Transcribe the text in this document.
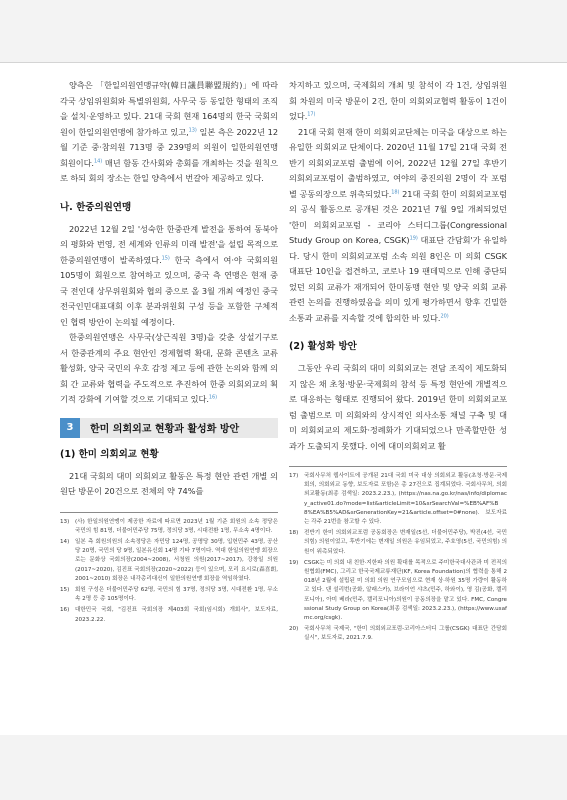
양측은 「한일의원연맹규약(韓日議員聯盟規約)」에 따라 각국 상임위원회와 특별위원회, 사무국 등 동일한 형태의 조직을 설치·운영하고 있다. 21대 국회 현재 164명의 한국 국회의원이 한일의원연맹에 참가하고 있고,$^{13)}$ 일본 측은 2022년 12월 기준 중·참의원 713명 중 239명의 의원이 일한의원연맹 회원이다.$^{14)}$ 매년 함동 간사회와 총회를 개최하는 것을 원칙으로 하되 회의 장소는 한일 양측에서 번갈아 제공하고 있다.

나. 한중의원연맹

2022년 12월 2일 '성숙한 한중관계 발전을 통하여 동북아의 평화와 번영, 전 세계와 인류의 미래 발전'을 설립 목적으로 한중의원연맹이 발족하였다.$^{15)}$ 한국 측에서 여·야 국회의원 105명이 회원으로 참여하고 있으며, 중국 측 연맹은 현재 중국 전인대 상무위원회와 협의 중으로 올 3월 개최 예정인 중국 전국인민대표대회 이후 분과위원회 구성 등을 포함한 구체적인 협력 방안이 논의될 예정이다.

한중의원연맹은 사무국(상근직원 3명)을 갖춘 상설기구로서 한중관계의 주요 현안인 경제협력 확대, 문화 콘텐츠 교류 활성화, 양국 국민의 우호 감정 제고 등에 관한 논의와 함께 의회 간 교류와 협력을 주도적으로 추진하여 한중 의회외교의 획기적 강화에 기여할 것으로 기대되고 있다.$^{16)}$

3	한미 의회외교 현황과 활성화 방안
(1) 한미 의회외교 현황

21대 국회의 대미 의회외교 활동은 특정 현안 관련 개별 의원단 방문이 20건으로 전체의 약 74%를

13)	(사) 한일의원연맹이 제공한 자료에 따르면 2023년 1월 기준 회원의 소속 정당은 국민의 힘 81명, 더불어민주당 75명, 정의당 3명, 시대전환 1명, 무소속 4명이다.
14)	일본 측 회원의원의 소속정당은 자민당 124명, 공명당 30명, 입헌민주 43명, 공산당 20명, 국민의 당 9명, 일본유신회 14명 기타 7명이다. 역대 한일의원연맹 회장으로는 문화상 국회의장(2004~2008), 서청원 의원(2017~2017), 강창일 의원(2017~2020), 김진표 국회의장(2020~2022) 등이 있으며, 모리 요시로(森喜朗, 2001~2010) 회장은 내각총리대신이 일한의원연맹 회장을 역임하였다.
15)	회원 구성은 더불어민주당 62명, 국민의 힘 37명, 정의당 3명, 시대전환 1명, 무소속 2명 등 총 105명이다.
16)	대한민국 국회, "김진표 국회의장 제403회 국회(임시회) 개회사", 보도자료, 2023.2.22.

차지하고 있으며, 국제회의 개최 및 참석이 각 1건, 상임위원회 차원의 미국 방문이 2건, 한미 의회외교협력 활동이 1건이었다.$^{17)}$

21대 국회 현재 한미 의회외교단체는 미국을 대상으로 하는 유일한 의회외교 단체이다. 2020년 11월 17일 21대 국회 전반기 의회외교포럼 출범에 이어, 2022년 12월 27일 후반기 의회외교포럼이 출범하였고, 여야의 중진의원 2명이 각 포럼별 공동의장으로 위촉되었다.$^{18)}$ 21대 국회 한미 의회외교포럼의 공식 활동으로 공개된 것은 2021년 7월 9일 개최되었던 '한미 의회외교포럼 - 코리아 스터디그룹(Congressional Study Group on Korea, CSGK)$^{19)}$ 대표단 간담회'가 유일하다. 당시 한미 의회외교포럼 소속 의원 8인은 미 의회 CSGK 대표단 10인을 접견하고, 코로나 19 팬데믹으로 인해 중단되었던 의회 교류가 재개되어 한미동맹 현안 및 양국 의회 교류 관련 논의를 진행하였음을 의미 있게 평가하면서 향후 긴밀한 소통과 교류를 지속할 것에 합의한 바 있다.$^{20)}$

(2) 활성화 방안

그동안 우리 국회의 대미 의회외교는 전담 조직이 제도화되지 않은 채 초청·방문·국제회의 참석 등 특정 현안에 개별적으로 대응하는 형태로 진행되어 왔다. 2019년 한미 의회외교포럼 출범으로 미 의회와의 상시적인 의사소통 채널 구축 및 대미 의회외교의 제도화·정례화가 기대되었으나 만족할만한 성과가 도출되지 못했다. 이에 대미의회외교 활

17)	국회사무처 웹사이트에 공개된 21대 국회 미국 대상 의회외교 활동(초청·방문·국제회의, 의회외교 동향, 보도자료 포함)은 총 27건으로 집계되었다. 국회사무처, 의회외교활동(최종 검색일: 2023.2.23.), (https://nas.na.go.kr/nas/info/diplomacy_active01.do?mode=list&articleLimit=10&srSearchVal=%EB%AF%B8%EA%B5%AD&srGenerationKey=21&article.offset=0#none). 보도자료는 각주 21번을 참고할 수 있다.
18)	전반기 한미 의회외교포럼 공동회장은 변재일(5선, 더불어민주당), 박진(4선, 국민의힘) 의원이었고, 후반기에는 변재일 의원은 유임되었고, 주호영(5선, 국민의힘) 의원이 위촉되었다.
19)	CSGK는 미 의회 내 친한·지한파 의원 확대를 목적으로 주미한국대사관과 미 전직의원협회(FMC), 그리고 한국국제교류재단(KF, Korea Foundation)의 협력을 통해 2018년 2월에 설립된 미 의회 의원 연구모임으로 현재 상·하원 35명 가량이 활동하고 있다. 댄 설리번(공화, 알래스카), 브라이언 샤츠(민주, 하와이), 영 김(공화, 캘리포니아), 아미 베라(민주, 캘리포니아)의원이 공동의장을 맡고 있다. FMC, Congressional Study Group on Korea(최종 검색일: 2023.2.23.), (https://www.usafmc.org/csgk).
20)	국회사무처 국제국, "한미 의회외교포럼-코리아스터디 그룹(CSGK) 대표단 간담회 실시", 보도자료, 2021.7.9.
